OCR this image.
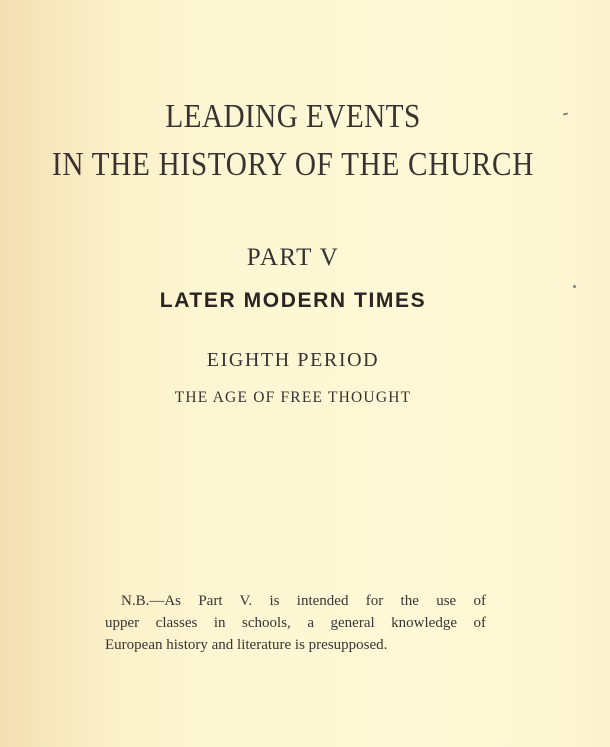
LEADING EVENTS
IN THE HISTORY OF THE CHURCH
PART V
LATER MODERN TIMES
EIGHTH PERIOD
THE AGE OF FREE THOUGHT
N.B.—As Part V. is intended for the use of
upper classes in schools, a general knowledge of
European history and literature is presupposed.
